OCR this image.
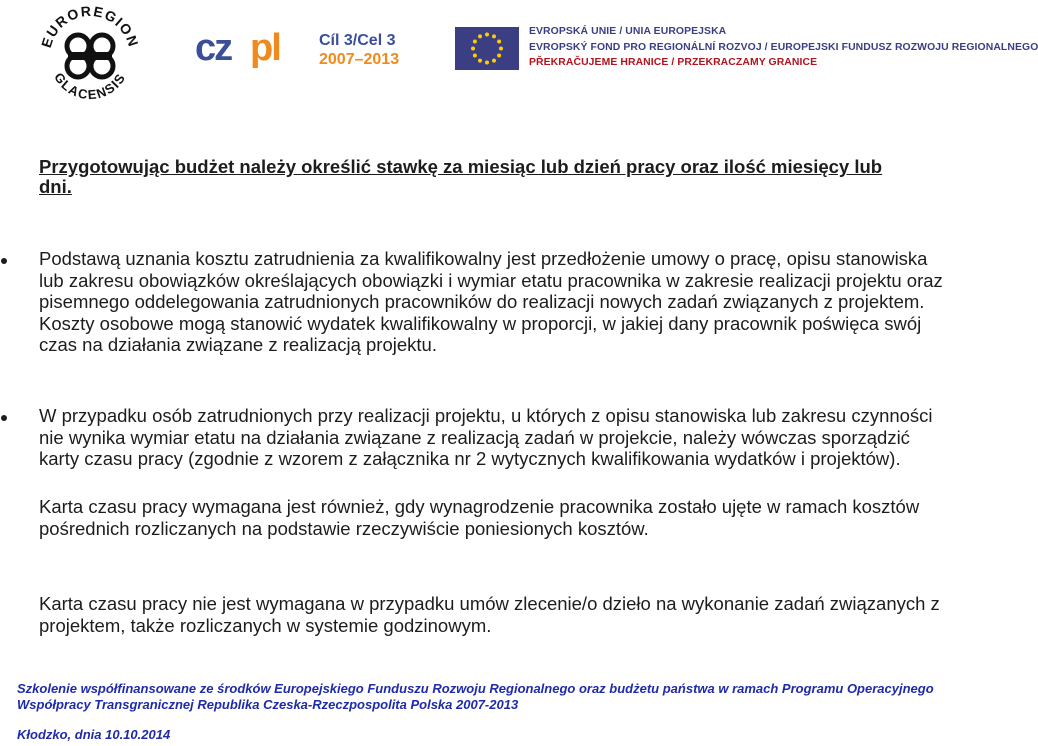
EUROREGION
GLACENSIS
cz pl Cíl 3/Cel 3
2007–2013
EVROPSKÁ UNIE / UNIA EUROPEJSKA
EVROPSKÝ FOND PRO REGIONÁLNÍ ROZVOJ / EUROPEJSKI FUNDUSZ ROZWOJU REGIONALNEGO
PŘEKRAČUJEME HRANICE / PRZEKRACZAMY GRANICE

Przygotowując budżet należy określić stawkę za miesiąc lub dzień pracy oraz ilość miesięcy lub dni.

Podstawą uznania kosztu zatrudnienia za kwalifikowalny jest przedłożenie umowy o pracę, opisu stanowiska lub zakresu obowiązków określających obowiązki i wymiar etatu pracownika w zakresie realizacji projektu oraz pisemnego oddelegowania zatrudnionych pracowników do realizacji nowych zadań związanych z projektem. Koszty osobowe mogą stanowić wydatek kwalifikowalny w proporcji, w jakiej dany pracownik poświęca swój czas na działania związane z realizacją projektu.

W przypadku osób zatrudnionych przy realizacji projektu, u których z opisu stanowiska lub zakresu czynności nie wynika wymiar etatu na działania związane z realizacją zadań w projekcie, należy wówczas sporządzić karty czasu pracy (zgodnie z wzorem z załącznika nr 2 wytycznych kwalifikowania wydatków i projektów).

Karta czasu pracy wymagana jest również, gdy wynagrodzenie pracownika zostało ujęte w ramach kosztów pośrednich rozliczanych na podstawie rzeczywiście poniesionych kosztów.

Karta czasu pracy nie jest wymagana w przypadku umów zlecenie/o dzieło na wykonanie zadań związanych z projektem, także rozliczanych w systemie godzinowym.

Szkolenie współfinansowane ze środków Europejskiego Funduszu Rozwoju Regionalnego oraz budżetu państwa w ramach Programu Operacyjnego

Współpracy Transgranicznej Republika Czeska-Rzeczpospolita Polska 2007-2013

Kłodzko, dnia 10.10.2014
